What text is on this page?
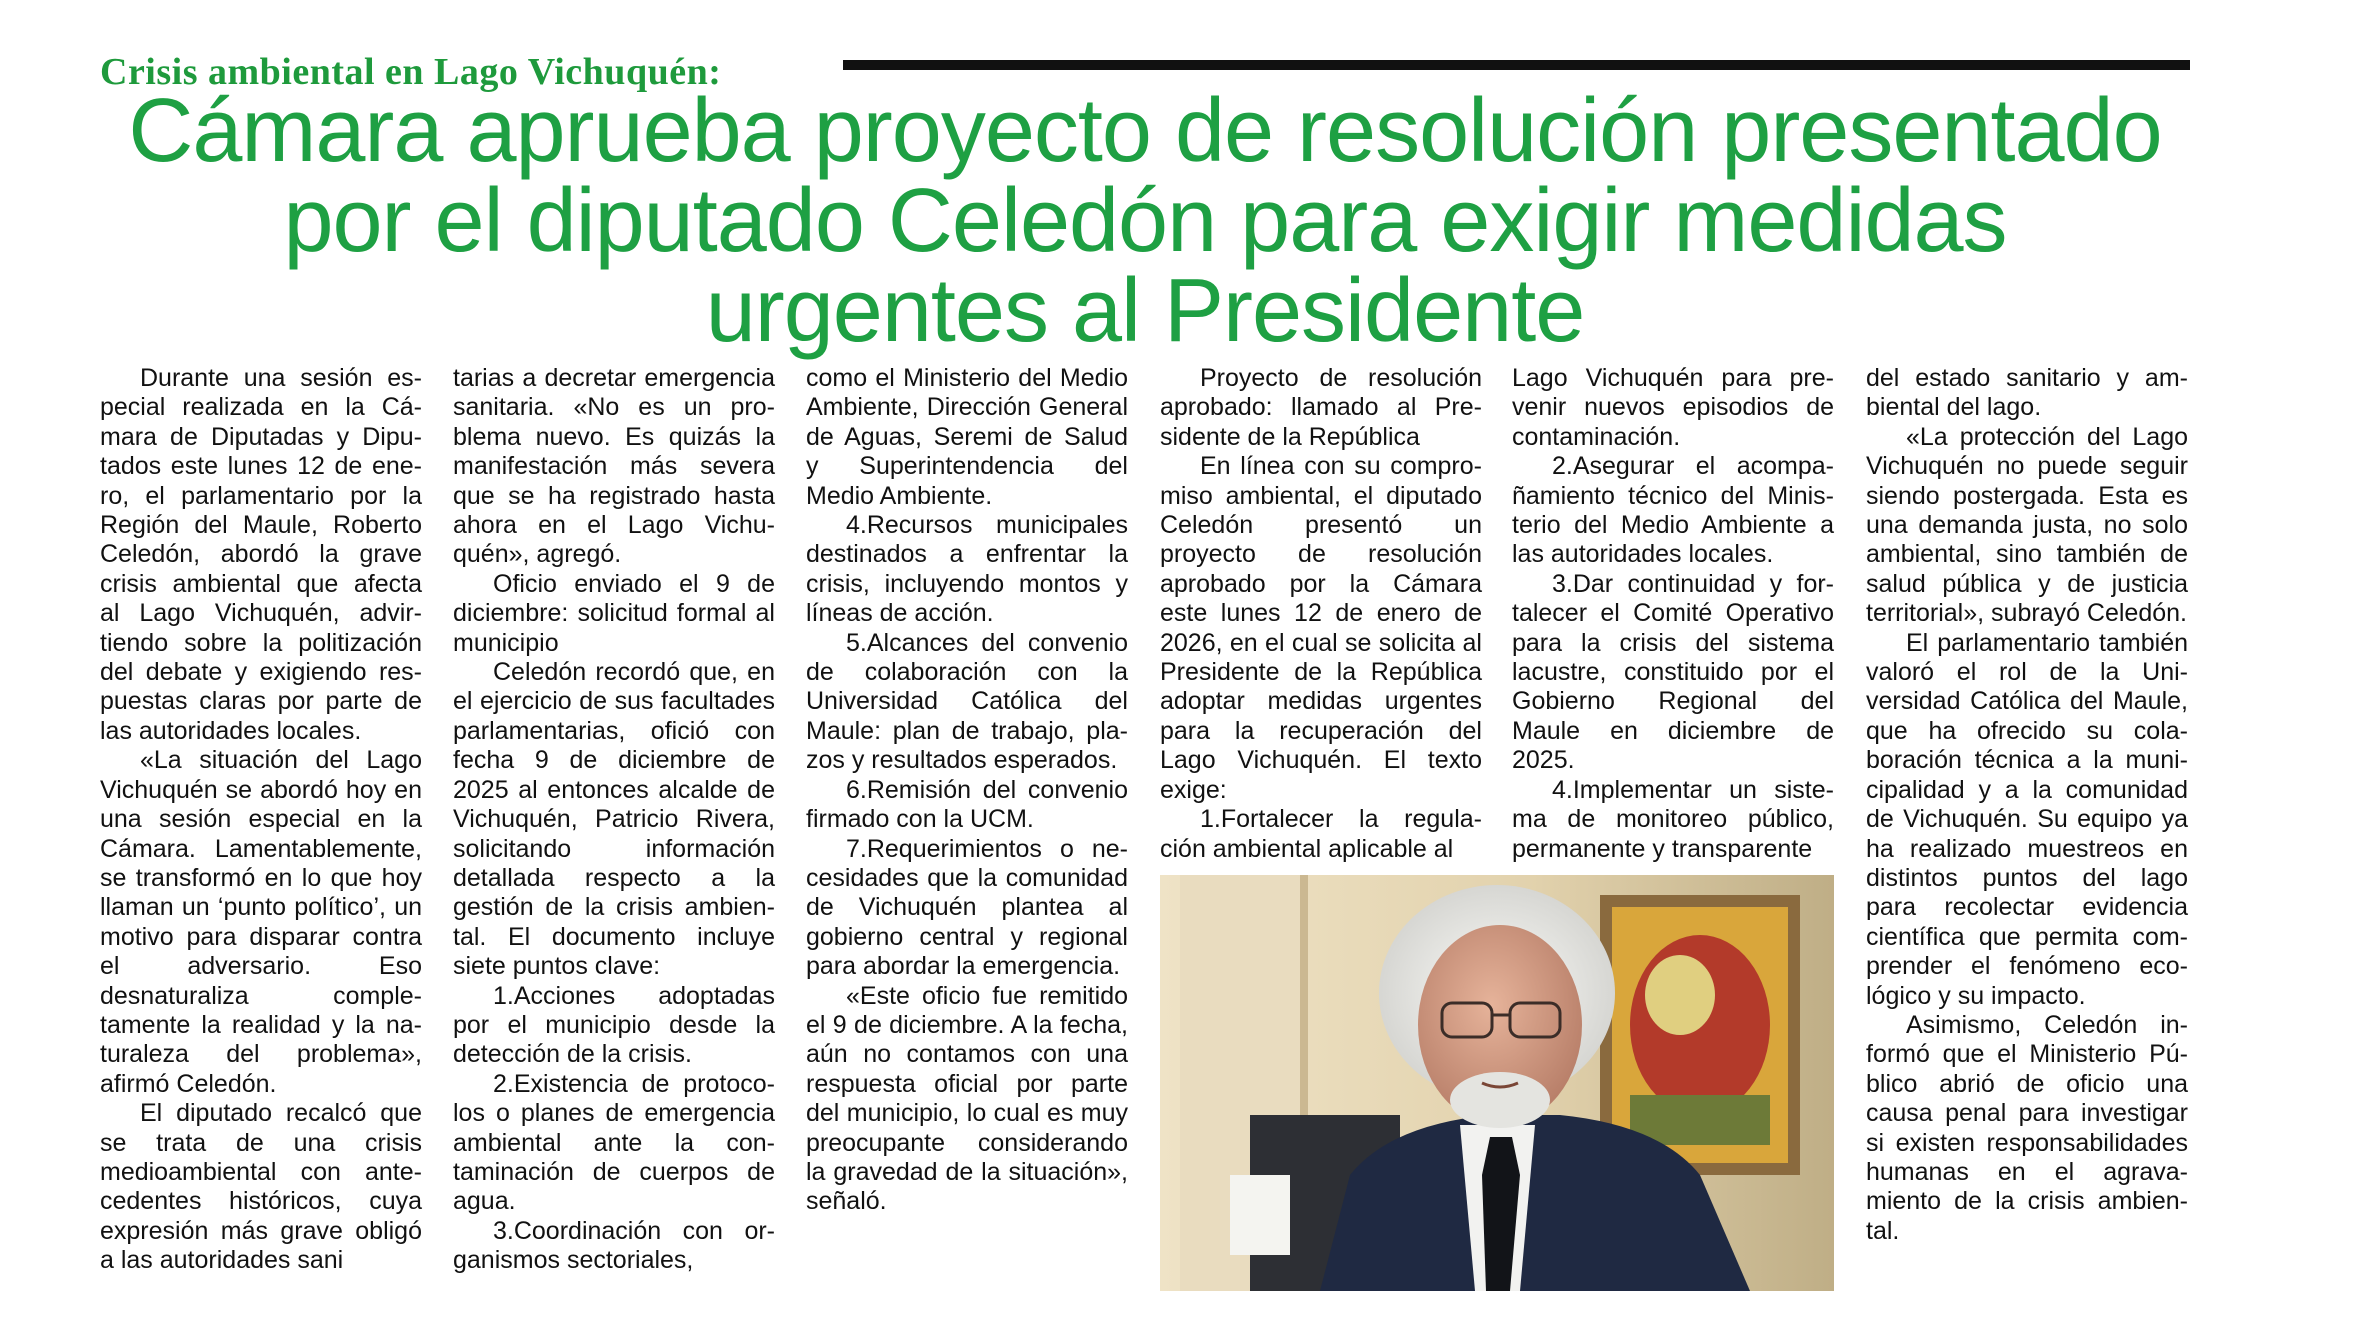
Crisis ambiental en Lago Vichuquén:
Cámara aprueba proyecto de resolución presentado
por el diputado Celedón para exigir medidas
urgentes al Presidente

Durante una sesión especial realizada en la Cámara de Diputadas y Diputados este lunes 12 de enero, el parlamentario por la Región del Maule, Roberto Celedón, abordó la grave crisis ambiental que afecta al Lago Vichuquén, advirtiendo sobre la politización del debate y exigiendo respuestas claras por parte de las autoridades locales.

«La situación del Lago Vichuquén se abordó hoy en una sesión especial en la Cámara. Lamentablemente, se transformó en lo que hoy llaman un ‘punto político’, un motivo para disparar contra el adversario. Eso desnaturaliza completamente la realidad y la naturaleza del problema», afirmó Celedón.

El diputado recalcó que se trata de una crisis medioambiental con antecedentes históricos, cuya expresión más grave obligó a las autoridades sani

tarias a decretar emergencia sanitaria. «No es un problema nuevo. Es quizás la manifestación más severa que se ha registrado hasta ahora en el Lago Vichuquén», agregó.

Oficio enviado el 9 de diciembre: solicitud formal al municipio

Celedón recordó que, en el ejercicio de sus facultades parlamentarias, ofició con fecha 9 de diciembre de 2025 al entonces alcalde de Vichuquén, Patricio Rivera, solicitando información detallada respecto a la gestión de la crisis ambiental. El documento incluye siete puntos clave:

1.Acciones adoptadas por el municipio desde la detección de la crisis.

2.Existencia de protocolos o planes de emergencia ambiental ante la contaminación de cuerpos de agua.

3.Coordinación con organismos sectoriales,

como el Ministerio del Medio Ambiente, Dirección General de Aguas, Seremi de Salud y Superintendencia del Medio Ambiente.

4.Recursos municipales destinados a enfrentar la crisis, incluyendo montos y líneas de acción.

5.Alcances del convenio de colaboración con la Universidad Católica del Maule: plan de trabajo, plazos y resultados esperados.

6.Remisión del convenio firmado con la UCM.

7.Requerimientos o necesidades que la comunidad de Vichuquén plantea al gobierno central y regional para abordar la emergencia.

«Este oficio fue remitido el 9 de diciembre. A la fecha, aún no contamos con una respuesta oficial por parte del municipio, lo cual es muy preocupante considerando la gravedad de la situación», señaló.

Proyecto de resolución aprobado: llamado al Presidente de la República

En línea con su compromiso ambiental, el diputado Celedón presentó un proyecto de resolución aprobado por la Cámara este lunes 12 de enero de 2026, en el cual se solicita al Presidente de la República adoptar medidas urgentes para la recuperación del Lago Vichuquén. El texto exige:

1.Fortalecer la regulación ambiental aplicable al

Lago Vichuquén para prevenir nuevos episodios de contaminación.

2.Asegurar el acompañamiento técnico del Ministerio del Medio Ambiente a las autoridades locales.

3.Dar continuidad y fortalecer el Comité Operativo para la crisis del sistema lacustre, constituido por el Gobierno Regional del Maule en diciembre de 2025.

4.Implementar un sistema de monitoreo público, permanente y transparente

del estado sanitario y ambiental del lago.

«La protección del Lago Vichuquén no puede seguir siendo postergada. Esta es una demanda justa, no solo ambiental, sino también de salud pública y de justicia territorial», subrayó Celedón.

El parlamentario también valoró el rol de la Universidad Católica del Maule, que ha ofrecido su colaboración técnica a la municipalidad y a la comunidad de Vichuquén. Su equipo ya ha realizado muestreos en distintos puntos del lago para recolectar evidencia científica que permita comprender el fenómeno ecológico y su impacto.

Asimismo, Celedón informó que el Ministerio Público abrió de oficio una causa penal para investigar si existen responsabilidades humanas en el agravamiento de la crisis ambiental.
